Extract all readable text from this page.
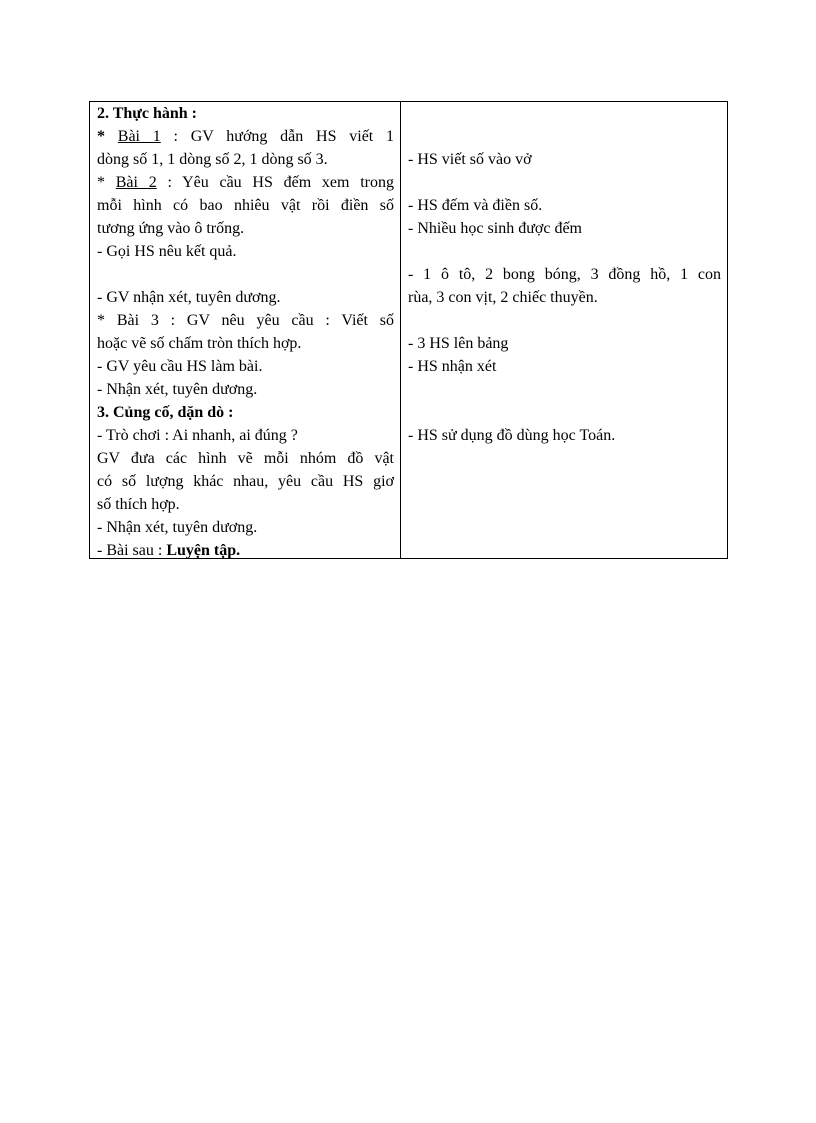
2. Thực hành :
* Bài 1 : GV hướng dẫn HS viết 1
dòng số 1, 1 dòng số 2, 1 dòng số 3.
* Bài 2 : Yêu cầu HS đếm xem trong
mỗi hình có bao nhiêu vật rồi điền số
tương ứng vào ô trống.
- Gọi HS nêu kết quả.
- GV nhận xét, tuyên dương.
* Bài 3 : GV nêu yêu cầu : Viết số
hoặc vẽ số chấm tròn thích hợp.
- GV yêu cầu HS làm bài.
- Nhận xét, tuyên dương.
3. Củng cố, dặn dò :
- Trò chơi : Ai nhanh, ai đúng ?
GV đưa các hình vẽ mỗi nhóm đồ vật
có số lượng khác nhau, yêu cầu HS giơ
số thích hợp.
- Nhận xét, tuyên dương.
- Bài sau : Luyện tập.
- HS viết số vào vở
- HS đếm và điền số.
- Nhiều học sinh được đếm
- 1 ô tô, 2 bong bóng, 3 đồng hồ, 1 con
rùa, 3 con vịt, 2 chiếc thuyền.
- 3 HS lên bảng
- HS nhận xét
- HS sử dụng đồ dùng học Toán.
